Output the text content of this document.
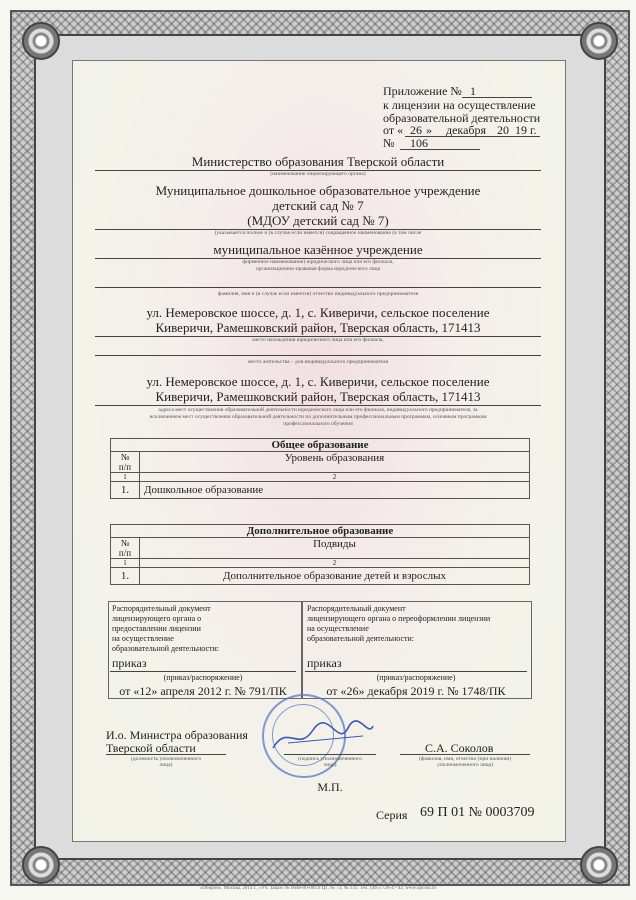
Приложение № 1
к лицензии на осуществление
образовательной деятельности
от « 26 » декабря 20 19 г.
№ 106
Министерство образования Тверской области
(наименование лицензирующего органа)
Муниципальное дошкольное образовательное учреждение
детский сад № 7
(МДОУ детский сад № 7)
(указывается полное и (в случае если имеется) сокращенное наименование (в том числе
муниципальное казённое учреждение
фирменное наименование) юридического лица или его филиала,
организационно-правовая форма юридического лица
фамилия, имя и (в случае если имеется) отчество индивидуального предпринимателя
ул. Немеровское шоссе, д. 1, с. Киверичи, сельское поселение
Киверичи, Рамешковский район, Тверская область, 171413
место нахождения юридического лица или его филиала,
место жительства – для индивидуального предпринимателя
ул. Немеровское шоссе, д. 1, с. Киверичи, сельское поселение
Киверичи, Рамешковский район, Тверская область, 171413
адреса мест осуществления образовательной деятельности юридического лица или его филиала, индивидуального предпринимателя, за
исключением мест осуществления образовательной деятельности по дополнительным профессиональным программам, основным программам
профессионального обучения
Общее образование	
№
п/п	Уровень образования
1	2
1.	Дошкольное образование
Дополнительное образование	
№
п/п	Подвиды
1	2
1.	Дополнительное образование детей и взрослых
Распорядительный документ
лицензирующего органа о
предоставлении лицензии
на осуществление
образовательной деятельности:
приказ
(приказ/распоряжение)
от «12» апреля 2012 г. № 791/ПК
Распорядительный документ
лицензирующего органа о переоформлении лицензии
на осуществление
образовательной деятельности:
приказ
(приказ/распоряжение)
от «26» декабря 2019 г. № 1748/ПК
И.о. Министра образования
Тверской области
(должность уполномоченного
лица)
(подпись уполномоченного
лица)
М.П.
С.А. Соколов
(фамилия, имя, отчество (при наличии)
уполномоченного лица)
Серия 69 П 01 № 0003709
«Оборон», Москва, 2014 г., «Уч. Заказ» № 0648-00-001.8 ЦГ, № 73, № 131. Тел. (495) 726-47-42, www.opcion.ru
